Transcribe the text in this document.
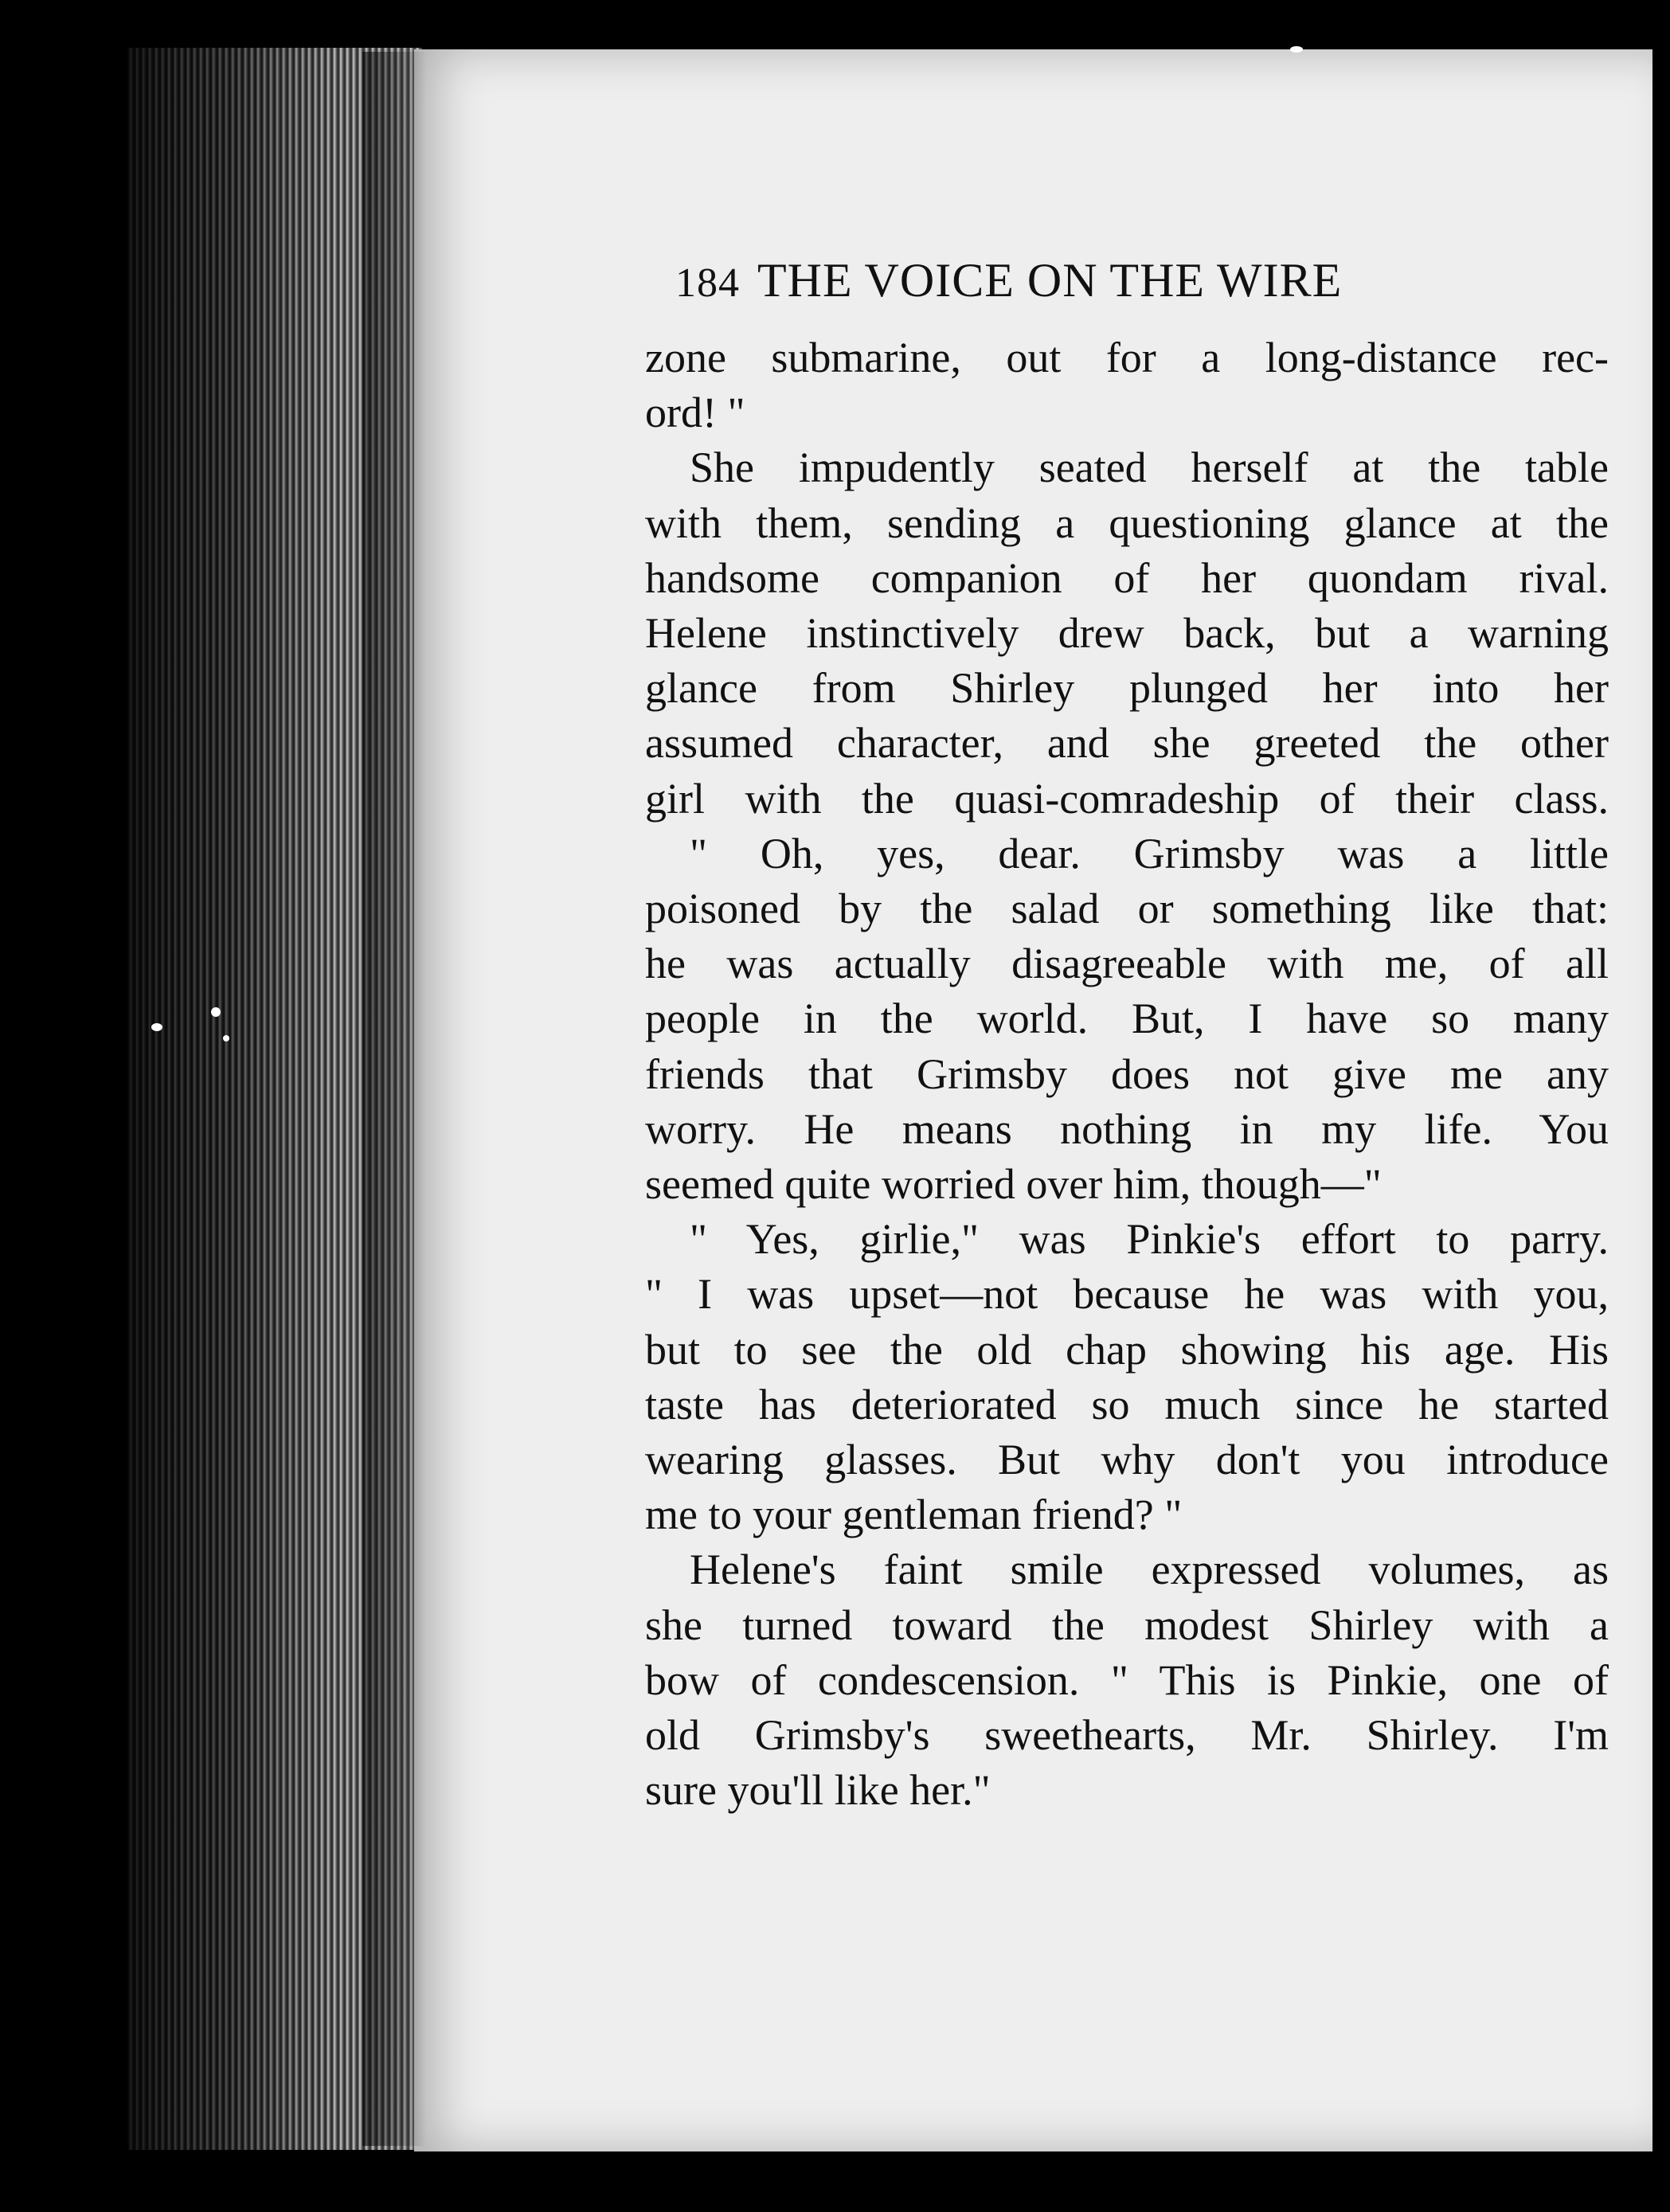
184 THE VOICE ON THE WIRE

zone submarine, out for a long-distance rec-
ord! "

She impudently seated herself at the table
with them, sending a questioning glance at the
handsome companion of her quondam rival.
Helene instinctively drew back, but a warning
glance from Shirley plunged her into her
assumed character, and she greeted the other
girl with the quasi-comradeship of their class.

" Oh, yes, dear. Grimsby was a little
poisoned by the salad or something like that:
he was actually disagreeable with me, of all
people in the world. But, I have so many
friends that Grimsby does not give me any
worry. He means nothing in my life. You
seemed quite worried over him, though—"

" Yes, girlie," was Pinkie's effort to parry.
" I was upset—not because he was with you,
but to see the old chap showing his age. His
taste has deteriorated so much since he started
wearing glasses. But why don't you introduce
me to your gentleman friend? "

Helene's faint smile expressed volumes, as
she turned toward the modest Shirley with a
bow of condescension. " This is Pinkie, one of
old Grimsby's sweethearts, Mr. Shirley. I'm
sure you'll like her."
